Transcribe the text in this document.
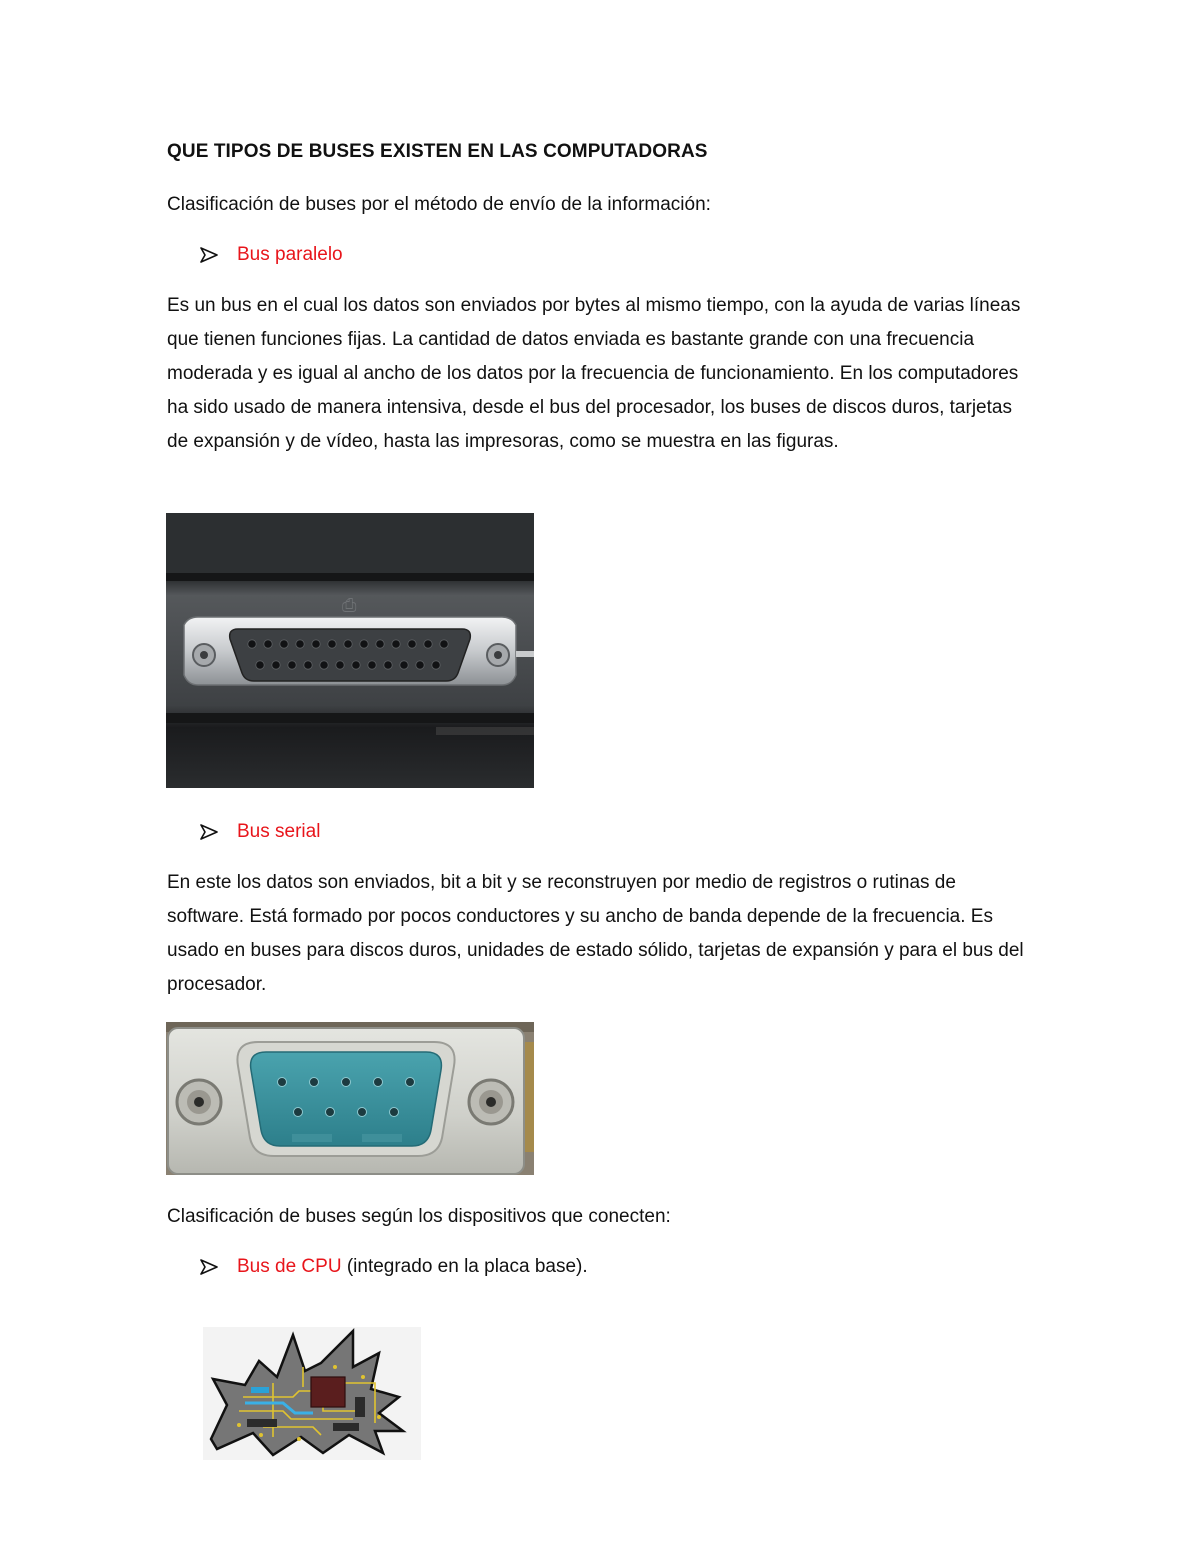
QUE TIPOS DE BUSES EXISTEN EN LAS COMPUTADORAS

Clasificación de buses por el método de envío de la información:

Bus paralelo

Es un bus en el cual los datos son enviados por bytes al mismo tiempo, con la ayuda de varias líneas que tienen funciones fijas. La cantidad de datos enviada es bastante grande con una frecuencia moderada y es igual al ancho de los datos por la frecuencia de funcionamiento. En los computadores ha sido usado de manera intensiva, desde el bus del procesador, los buses de discos duros, tarjetas de expansión y de vídeo, hasta las impresoras, como se muestra en las figuras.

⎙
Bus serial

En este los datos son enviados, bit a bit y se reconstruyen por medio de registros o rutinas de software. Está formado por pocos conductores y su ancho de banda depende de la frecuencia. Es usado en buses para discos duros, unidades de estado sólido, tarjetas de expansión y para el bus del procesador.

Clasificación de buses según los dispositivos que conecten:

Bus de CPU (integrado en la placa base).
